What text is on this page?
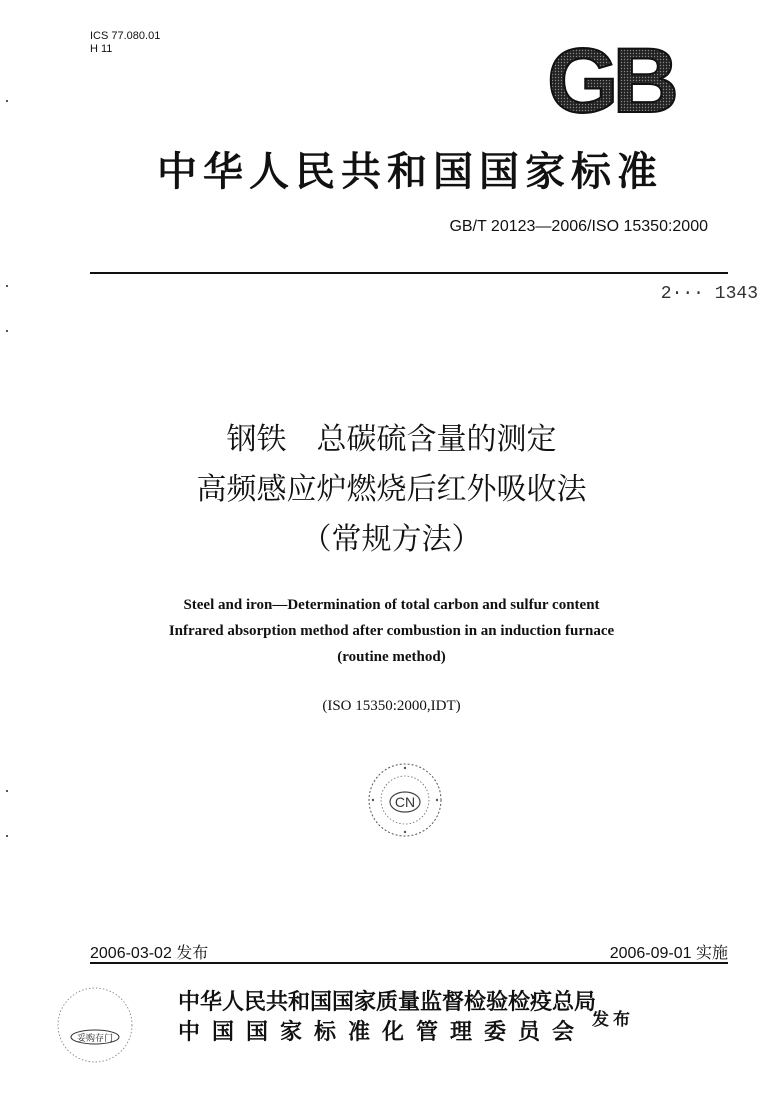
ICS 77.080.01
H 11	GB
中华人民共和国国家标准
GB/T 20123—2006/ISO 15350:2000
2··· 1343
钢铁　总碳硫含量的测定
高频感应炉燃烧后红外吸收法
（常规方法）
Steel and iron—Determination of total carbon and sulfur content
Infrared absorption method after combustion in an induction furnace
(routine method)
(ISO 15350:2000,IDT)
CN
2006-03-02 发布	2006-09-01 实施
妥购存门
中华人民共和国国家质量监督检验检疫总局
中国国家标准化管理委员会 发布
